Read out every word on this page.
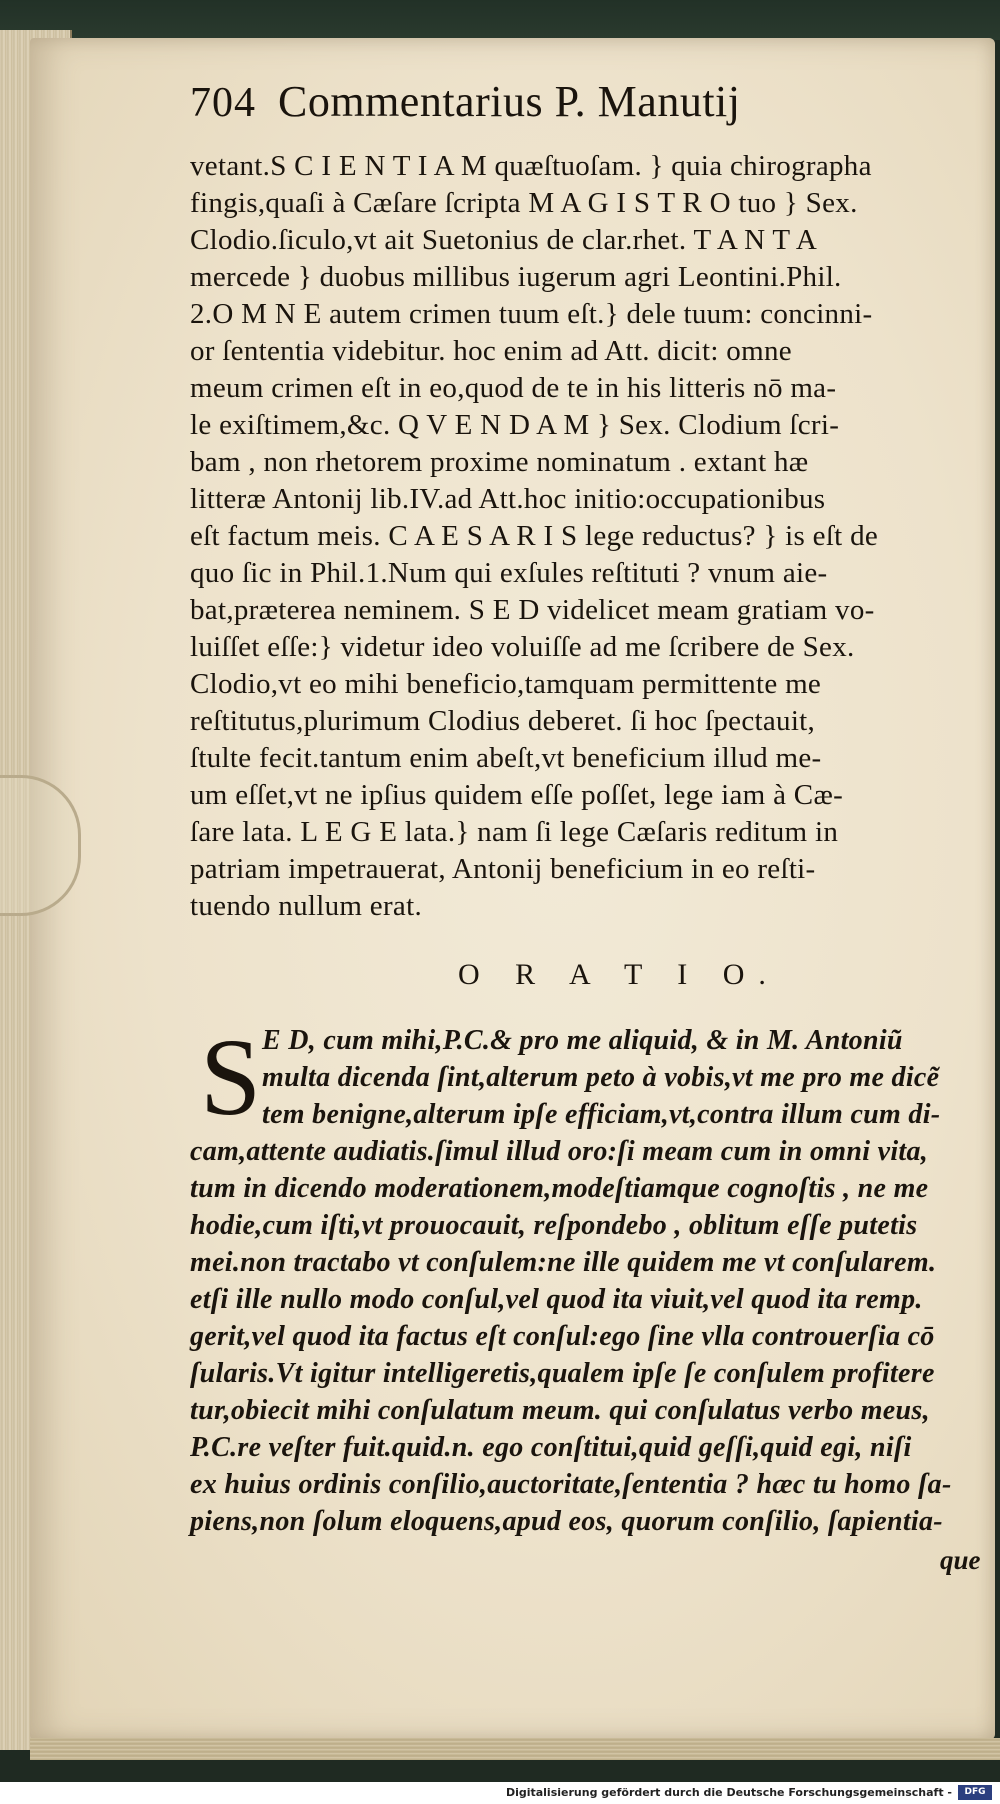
704 Commentarius P. Manutij
vetant.S C I E N T I A M quæſtuoſam. } quia chirographa
fingis,quaſi à Cæſare ſcripta M A G I S T R O tuo } Sex.
Clodio.ſiculo,vt ait Suetonius de clar.rhet. T A N T A
mercede } duobus millibus iugerum agri Leontini.Phil.
2.O M N E autem crimen tuum eſt.} dele tuum: concinni-
or ſententia videbitur. hoc enim ad Att. dicit: omne
meum crimen eſt in eo,quod de te in his litteris nō ma-
le exiſtimem,&c. Q V E N D A M } Sex. Clodium ſcri-
bam , non rhetorem proxime nominatum . extant hæ
litteræ Antonij lib.IV.ad Att.hoc initio:occupationibus
eſt factum meis. C A E S A R I S lege reductus? } is eſt de
quo ſic in Phil.1.Num qui exſules reſtituti ? vnum aie-
bat,præterea neminem. S E D videlicet meam gratiam vo-
luiſſet eſſe:} videtur ideo voluiſſe ad me ſcribere de Sex.
Clodio,vt eo mihi beneficio,tamquam permittente me
reſtitutus,plurimum Clodius deberet. ſi hoc ſpectauit,
ſtulte fecit.tantum enim abeſt,vt beneficium illud me-
um eſſet,vt ne ipſius quidem eſſe poſſet, lege iam à Cæ-
ſare lata. L E G E lata.} nam ſi lege Cæſaris reditum in
patriam impetrauerat, Antonij beneficium in eo reſti-
tuendo nullum erat.
O R A T I O.
S E D, cum mihi,P.C.& pro me aliquid, & in M. Antoniũ
multa dicenda ſint,alterum peto à vobis,vt me pro me dicẽ
tem benigne,alterum ipſe efficiam,vt,contra illum cum di-
cam,attente audiatis.ſimul illud oro:ſi meam cum in omni vita,
tum in dicendo moderationem,modeſtiamque cognoſtis , ne me
hodie,cum iſti,vt prouocauit, reſpondebo , oblitum eſſe putetis
mei.non tractabo vt conſulem:ne ille quidem me vt conſularem.
etſi ille nullo modo conſul,vel quod ita viuit,vel quod ita remp.
gerit,vel quod ita factus eſt conſul:ego ſine vlla controuerſia cō
ſularis.Vt igitur intelligeretis,qualem ipſe ſe conſulem profitere
tur,obiecit mihi conſulatum meum. qui conſulatus verbo meus,
P.C.re veſter fuit.quid.n. ego conſtitui,quid geſſi,quid egi, niſi
ex huius ordinis conſilio,auctoritate,ſententia ? hæc tu homo ſa-
piens,non ſolum eloquens,apud eos, quorum conſilio, ſapientia-
que
Digitalisierung gefördert durch die Deutsche Forschungsgemeinschaft -	DFG
